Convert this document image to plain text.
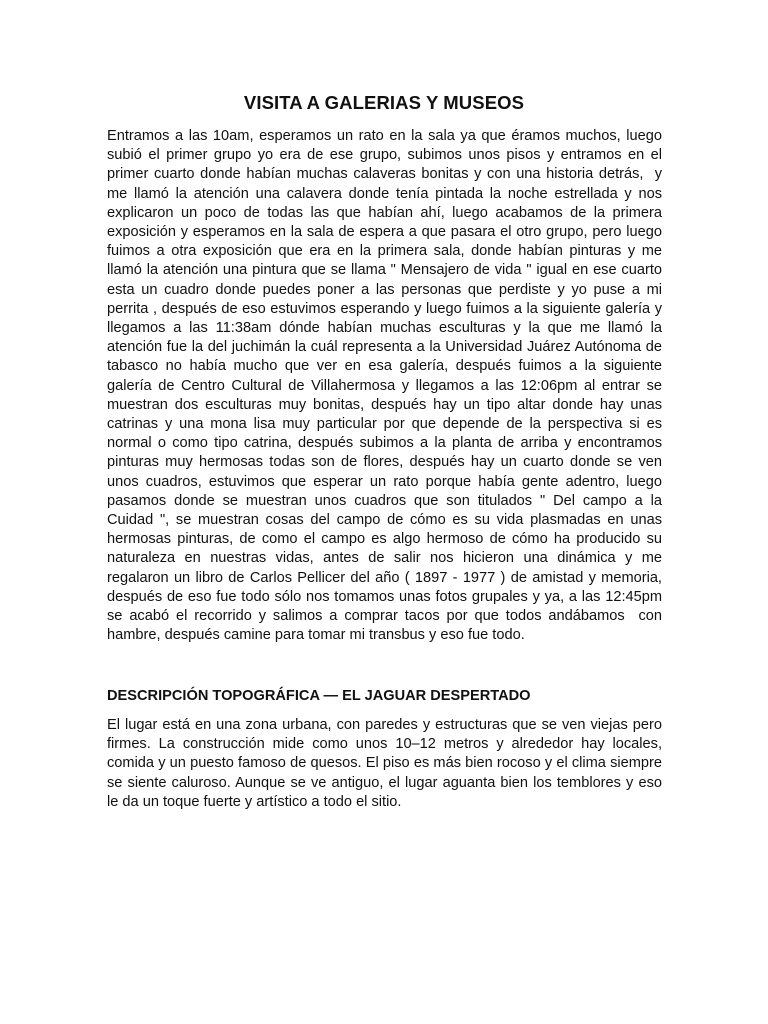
VISITA A GALERIAS Y MUSEOS

Entramos a las 10am, esperamos un rato en la sala ya que éramos muchos, luego subió el primer grupo yo era de ese grupo, subimos unos pisos y entramos en el primer cuarto donde habían muchas calaveras bonitas y con una historia detrás,  y me llamó la atención una calavera donde tenía pintada la noche estrellada y nos explicaron un poco de todas las que habían ahí, luego acabamos de la primera exposición y esperamos en la sala de espera a que pasara el otro grupo, pero luego fuimos a otra exposición que era en la primera sala, donde habían pinturas y me llamó la atención una pintura que se llama " Mensajero de vida " igual en ese cuarto esta un cuadro donde puedes poner a las personas que perdiste y yo puse a mi perrita , después de eso estuvimos esperando y luego fuimos a la siguiente galería y llegamos a las 11:38am dónde habían muchas esculturas y la que me llamó la atención fue la del juchimán la cuál representa a la Universidad Juárez Autónoma de tabasco no había mucho que ver en esa galería, después fuimos a la siguiente galería de Centro Cultural de Villahermosa y llegamos a las 12:06pm al entrar se muestran dos esculturas muy bonitas, después hay un tipo altar donde hay unas catrinas y una mona lisa muy particular por que depende de la perspectiva si es normal o como tipo catrina, después subimos a la planta de arriba y encontramos pinturas muy hermosas todas son de flores, después hay un cuarto donde se ven unos cuadros, estuvimos que esperar un rato porque había gente adentro, luego pasamos donde se muestran unos cuadros que son titulados " Del campo a la Cuidad ", se muestran cosas del campo de cómo es su vida plasmadas en unas hermosas pinturas, de como el campo es algo hermoso de cómo ha producido su naturaleza en nuestras vidas, antes de salir nos hicieron una dinámica y me regalaron un libro de Carlos Pellicer del año ( 1897 - 1977 ) de amistad y memoria, después de eso fue todo sólo nos tomamos unas fotos grupales y ya, a las 12:45pm se acabó el recorrido y salimos a comprar tacos por que todos andábamos  con hambre, después camine para tomar mi transbus y eso fue todo.

DESCRIPCIÓN TOPOGRÁFICA — EL JAGUAR DESPERTADO

El lugar está en una zona urbana, con paredes y estructuras que se ven viejas pero firmes. La construcción mide como unos 10–12 metros y alrededor hay locales, comida y un puesto famoso de quesos. El piso es más bien rocoso y el clima siempre se siente caluroso. Aunque se ve antiguo, el lugar aguanta bien los temblores y eso le da un toque fuerte y artístico a todo el sitio.
